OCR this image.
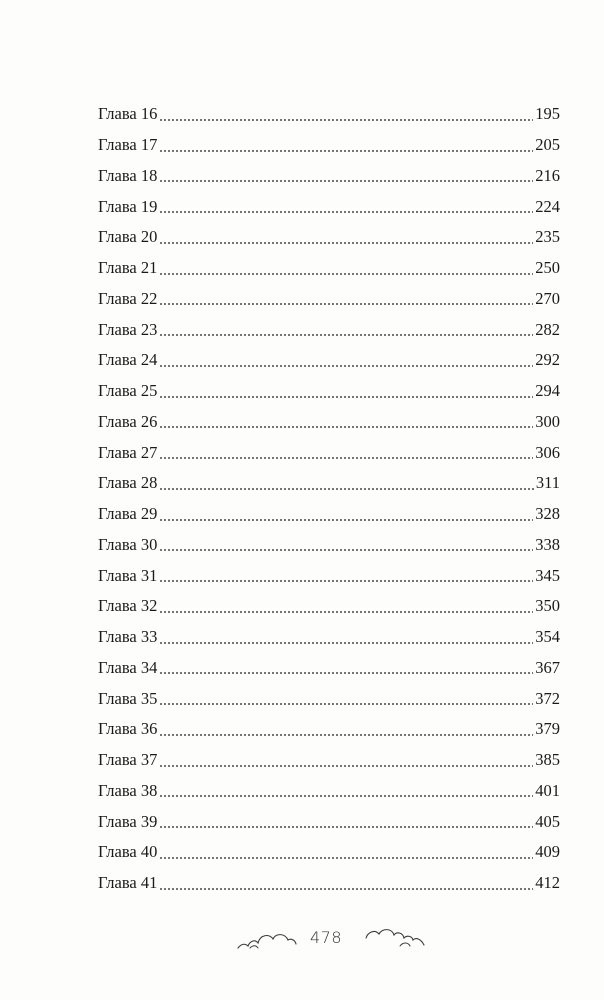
Глава 16	195
Глава 17	205
Глава 18	216
Глава 19	224
Глава 20	235
Глава 21	250
Глава 22	270
Глава 23	282
Глава 24	292
Глава 25	294
Глава 26	300
Глава 27	306
Глава 28	311
Глава 29	328
Глава 30	338
Глава 31	345
Глава 32	350
Глава 33	354
Глава 34	367
Глава 35	372
Глава 36	379
Глава 37	385
Глава 38	401
Глава 39	405
Глава 40	409
Глава 41	412
478
